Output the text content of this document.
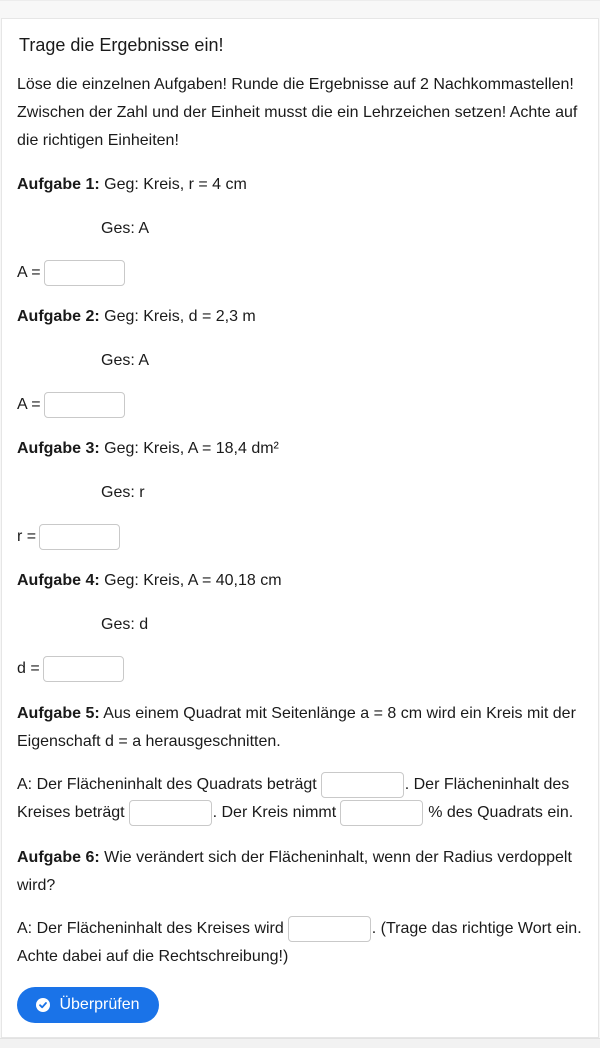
Trage die Ergebnisse ein!

Löse die einzelnen Aufgaben! Runde die Ergebnisse auf 2 Nachkommastellen! Zwischen der Zahl und der Einheit musst die ein Lehrzeichen setzen! Achte auf die richtigen Einheiten!

Aufgabe 1:
Geg: Kreis, r = 4 cm
Ges: A
A =
Aufgabe 2:
Geg: Kreis, d = 2,3 m
Ges: A
A =
Aufgabe 3:
Geg: Kreis, A = 18,4 dm²
Ges: r
r =
Aufgabe 4:
Geg: Kreis, A = 40,18 cm
Ges: d
d =

Aufgabe 5: Aus einem Quadrat mit Seitenlänge a = 8 cm wird ein Kreis mit der Eigenschaft d = a herausgeschnitten.

A: Der Flächeninhalt des Quadrats beträgt	. Der Flächeninhalt des
Kreises beträgt	. Der Kreis nimmt	% des Quadrats ein.

Aufgabe 6: Wie verändert sich der Flächeninhalt, wenn der Radius verdoppelt wird?

A: Der Flächeninhalt des Kreises wird	. (Trage das richtige Wort ein.
Achte dabei auf die Rechtschreibung!)
Überprüfen
